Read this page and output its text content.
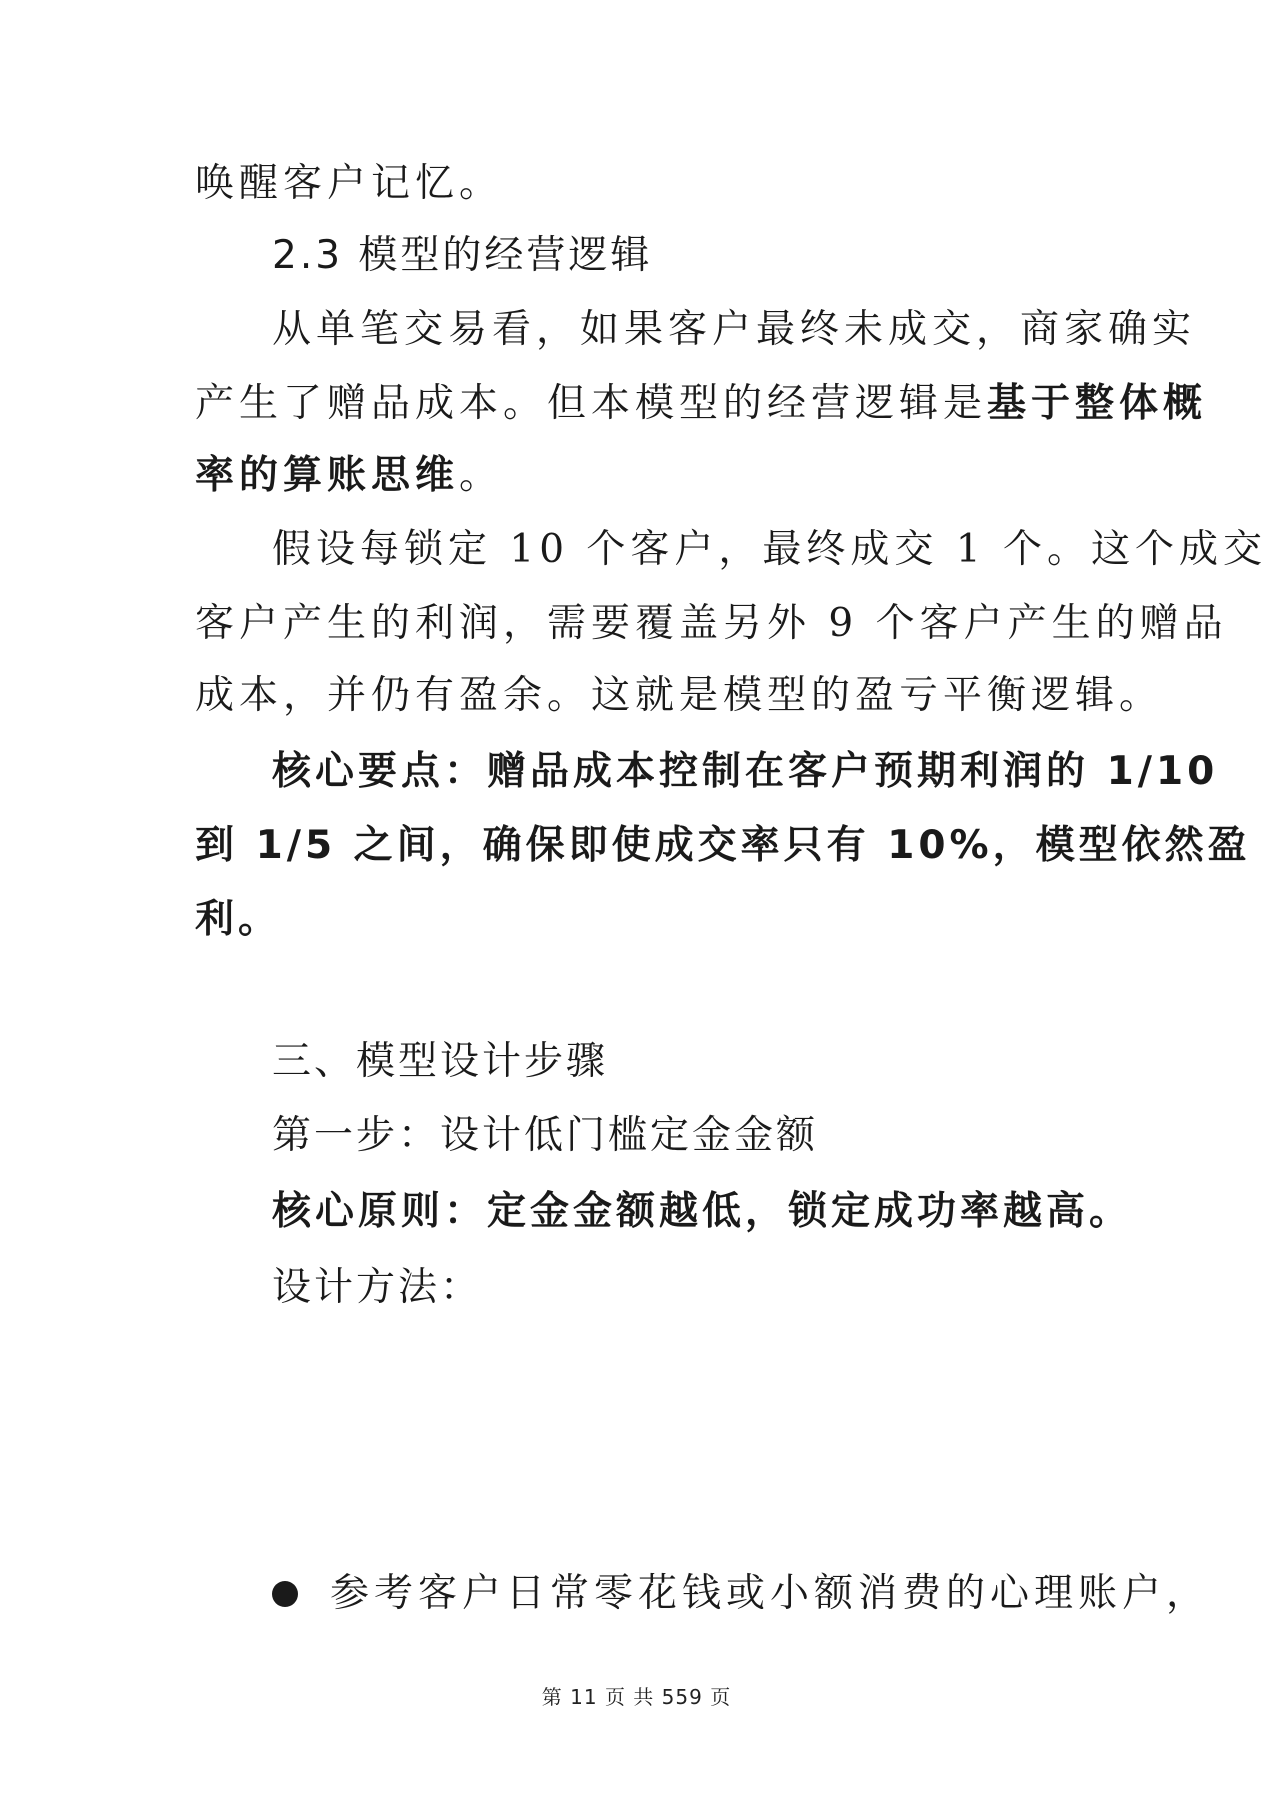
唤醒客户记忆。
2.3 模型的经营逻辑
从单笔交易看，如果客户最终未成交，商家确实
产生了赠品成本。但本模型的经营逻辑是基于整体概
率的算账思维。
假设每锁定 10 个客户，最终成交 1 个。这个成交
客户产生的利润，需要覆盖另外 9 个客户产生的赠品
成本，并仍有盈余。这就是模型的盈亏平衡逻辑。
核心要点：赠品成本控制在客户预期利润的 1/10
到 1/5 之间，确保即使成交率只有 10%，模型依然盈
利。
三、模型设计步骤
第一步：设计低门槛定金金额
核心原则：定金金额越低，锁定成功率越高。
设计方法：
参考客户日常零花钱或小额消费的心理账户，
第 11 页 共 559 页
